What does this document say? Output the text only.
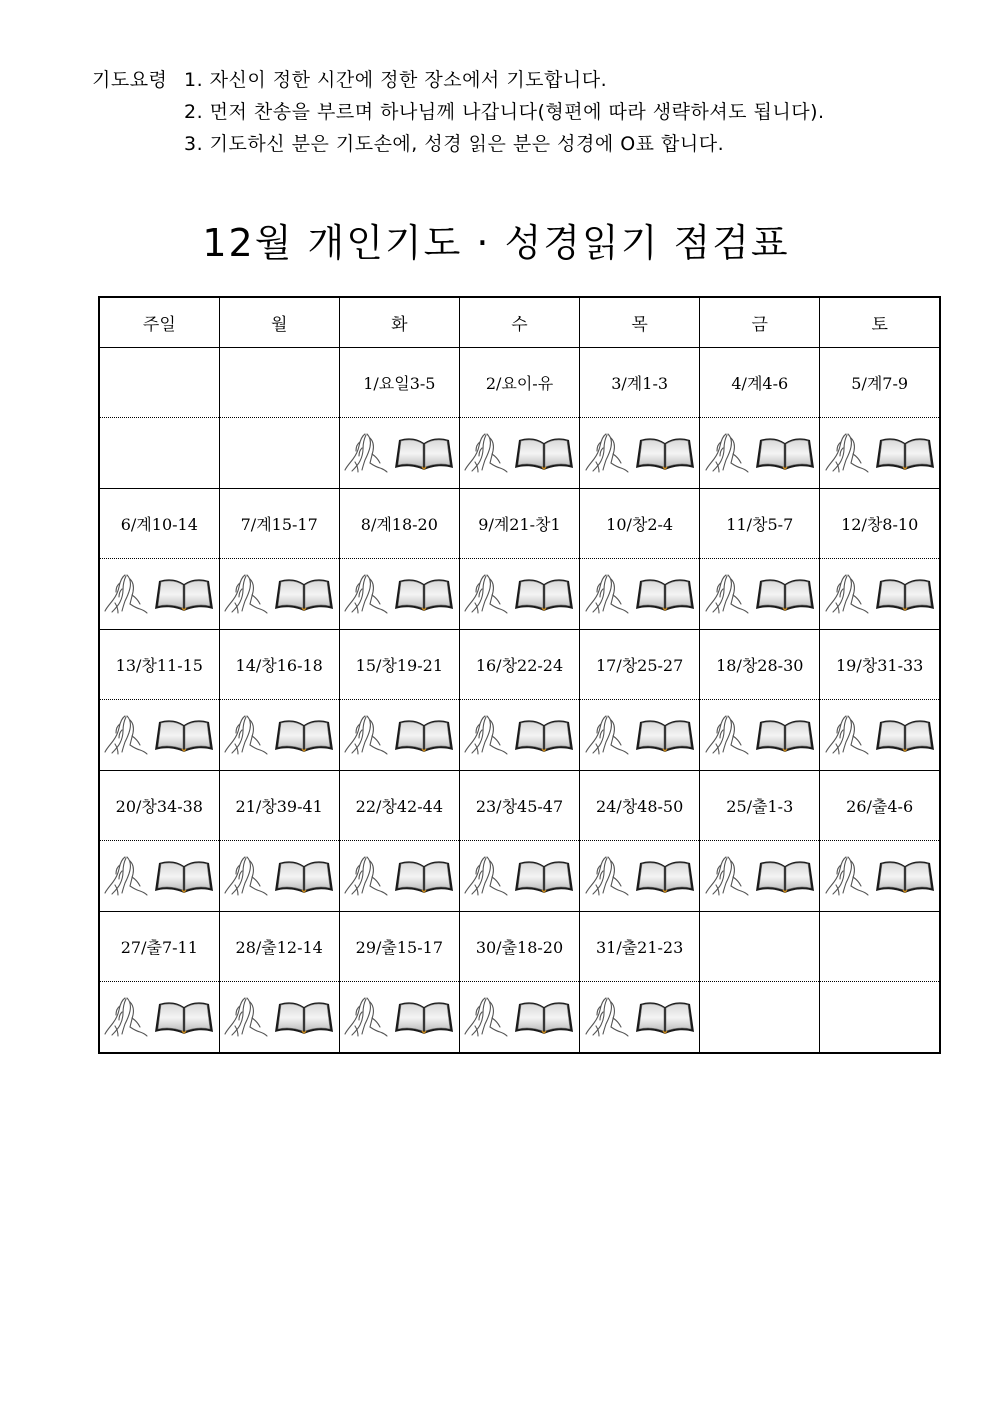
기도요령 1. 자신이 정한 시간에 정한 장소에서 기도합니다.
2. 먼저 찬송을 부르며 하나님께 나갑니다(형편에 따라 생략하셔도 됩니다).
3. 기도하신 분은 기도손에, 성경 읽은 분은 성경에 O표 합니다.
12월 개인기도 · 성경읽기 점검표
주일	월	화	수	목	금	토
		1/요일3-5	2/요이-유	3/계1-3	4/계4-6	5/계7-9

6/계10-14	7/계15-17	8/계18-20	9/계21-창1	10/창2-4	11/창5-7	12/창8-10

13/창11-15	14/창16-18	15/창19-21	16/창22-24	17/창25-27	18/창28-30	19/창31-33

20/창34-38	21/창39-41	22/창42-44	23/창45-47	24/창48-50	25/출1-3	26/출4-6

27/출7-11	28/출12-14	29/출15-17	30/출18-20	31/출21-23		
